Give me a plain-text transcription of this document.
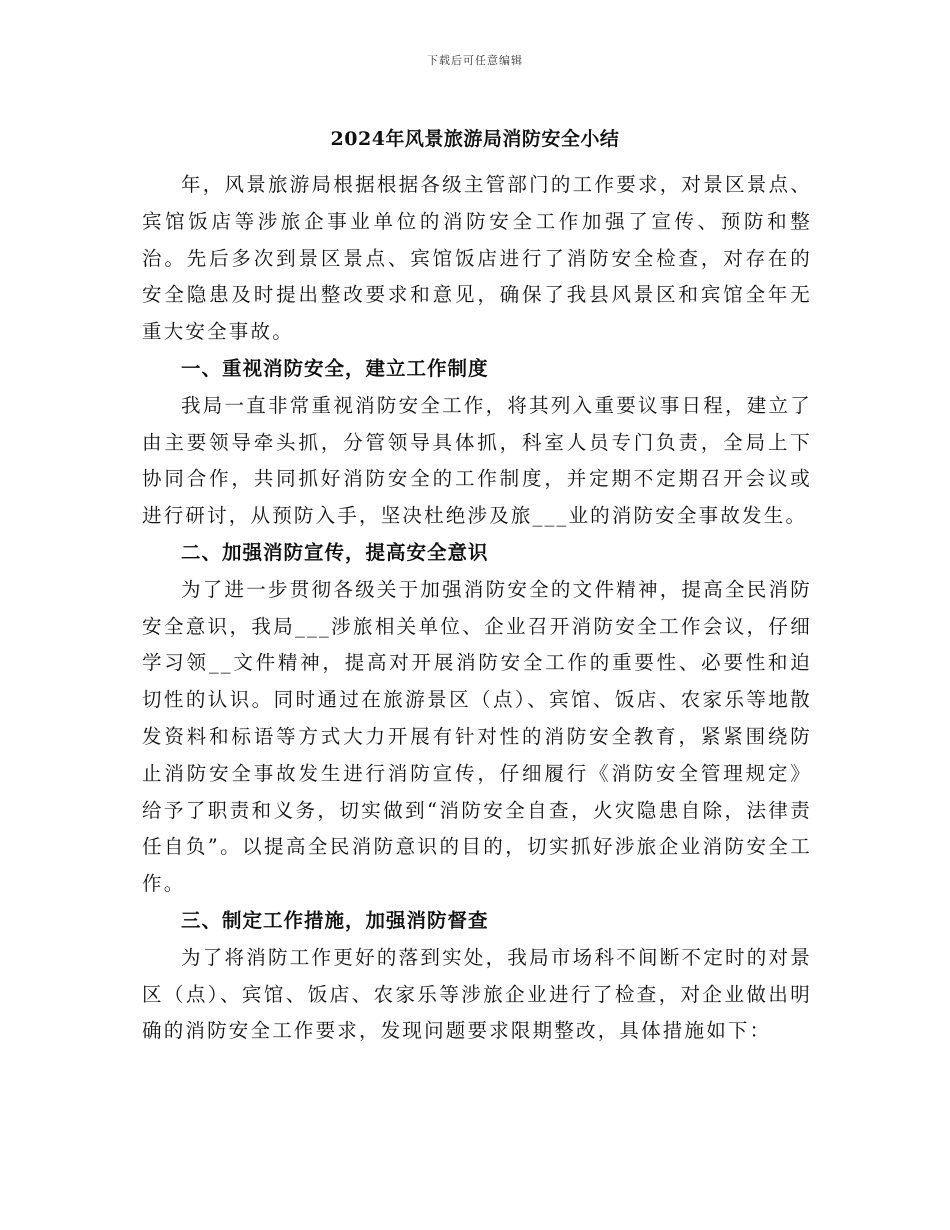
下载后可任意编辑
2024年风景旅游局消防安全小结

年，风景旅游局根据根据各级主管部门的工作要求，对景区景点、宾馆饭店等涉旅企事业单位的消防安全工作加强了宣传、预防和整治。先后多次到景区景点、宾馆饭店进行了消防安全检查，对存在的安全隐患及时提出整改要求和意见，确保了我县风景区和宾馆全年无重大安全事故。

一、重视消防安全，建立工作制度

我局一直非常重视消防安全工作，将其列入重要议事日程，建立了由主要领导牵头抓，分管领导具体抓，科室人员专门负责，全局上下协同合作，共同抓好消防安全的工作制度，并定期不定期召开会议或进行研讨，从预防入手，坚决杜绝涉及旅___业的消防安全事故发生。

二、加强消防宣传，提高安全意识

为了进一步贯彻各级关于加强消防安全的文件精神，提高全民消防安全意识，我局___涉旅相关单位、企业召开消防安全工作会议，仔细学习领__文件精神，提高对开展消防安全工作的重要性、必要性和迫切性的认识。同时通过在旅游景区（点）、宾馆、饭店、农家乐等地散发资料和标语等方式大力开展有针对性的消防安全教育，紧紧围绕防止消防安全事故发生进行消防宣传，仔细履行《消防安全管理规定》给予了职责和义务，切实做到“消防安全自查，火灾隐患自除，法律责任自负”。以提高全民消防意识的目的，切实抓好涉旅企业消防安全工作。

三、制定工作措施，加强消防督查

为了将消防工作更好的落到实处，我局市场科不间断不定时的对景区（点）、宾馆、饭店、农家乐等涉旅企业进行了检查，对企业做出明确的消防安全工作要求，发现问题要求限期整改，具体措施如下：
